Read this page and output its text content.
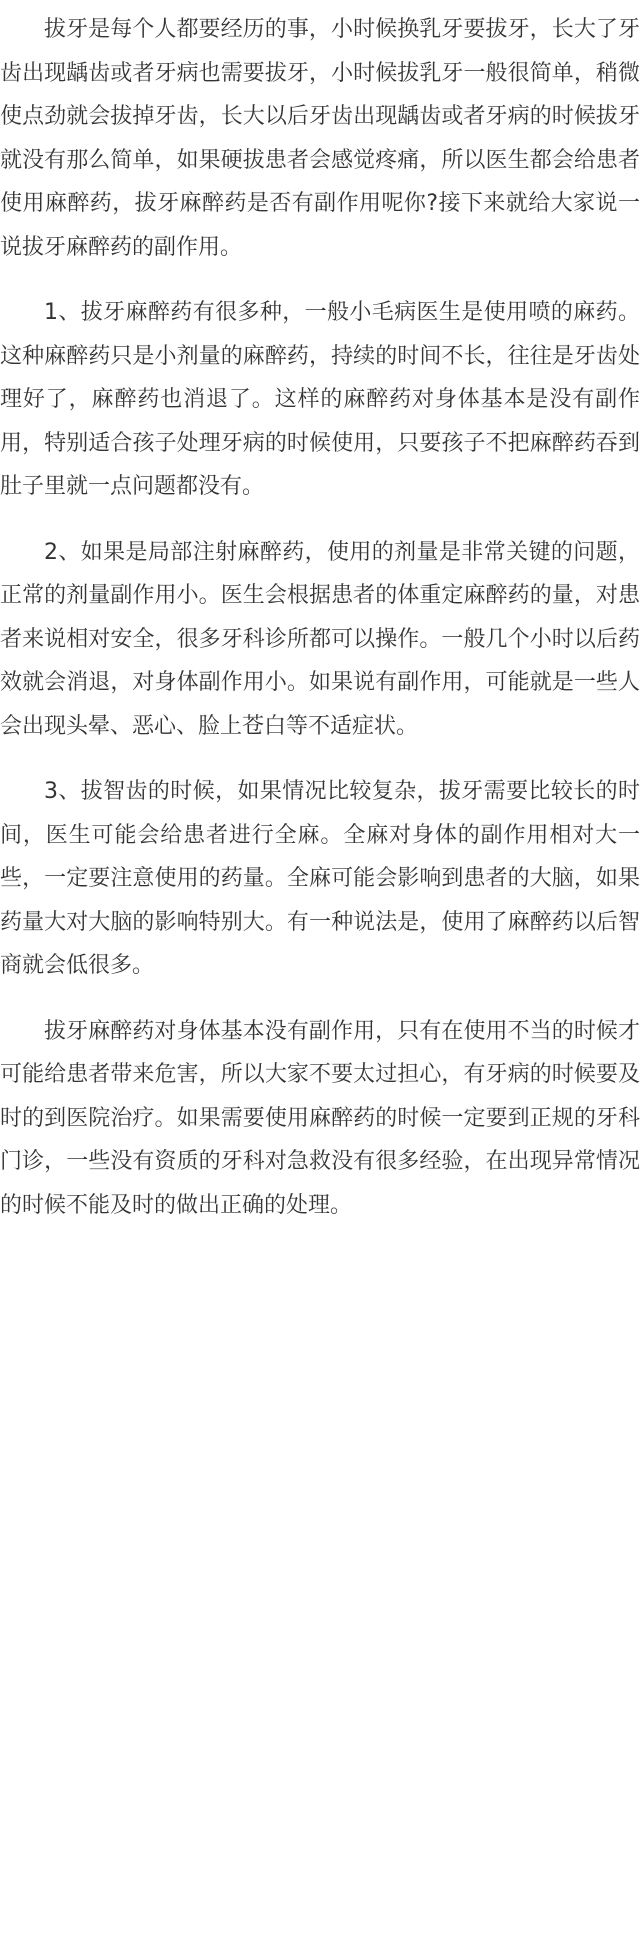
拔牙是每个人都要经历的事，小时候换乳牙要拔牙，长大了牙齿出现龋齿或者牙病也需要拔牙，小时候拔乳牙一般很简单，稍微使点劲就会拔掉牙齿，长大以后牙齿出现龋齿或者牙病的时候拔牙就没有那么简单，如果硬拔患者会感觉疼痛，所以医生都会给患者使用麻醉药，拔牙麻醉药是否有副作用呢你?接下来就给大家说一说拔牙麻醉药的副作用。

1、拔牙麻醉药有很多种，一般小毛病医生是使用喷的麻药。这种麻醉药只是小剂量的麻醉药，持续的时间不长，往往是牙齿处理好了，麻醉药也消退了。这样的麻醉药对身体基本是没有副作用，特别适合孩子处理牙病的时候使用，只要孩子不把麻醉药吞到肚子里就一点问题都没有。

2、如果是局部注射麻醉药，使用的剂量是非常关键的问题，正常的剂量副作用小。医生会根据患者的体重定麻醉药的量，对患者来说相对安全，很多牙科诊所都可以操作。一般几个小时以后药效就会消退，对身体副作用小。如果说有副作用，可能就是一些人会出现头晕、恶心、脸上苍白等不适症状。

3、拔智齿的时候，如果情况比较复杂，拔牙需要比较长的时间，医生可能会给患者进行全麻。全麻对身体的副作用相对大一些，一定要注意使用的药量。全麻可能会影响到患者的大脑，如果药量大对大脑的影响特别大。有一种说法是，使用了麻醉药以后智商就会低很多。

拔牙麻醉药对身体基本没有副作用，只有在使用不当的时候才可能给患者带来危害，所以大家不要太过担心，有牙病的时候要及时的到医院治疗。如果需要使用麻醉药的时候一定要到正规的牙科门诊，一些没有资质的牙科对急救没有很多经验，在出现异常情况的时候不能及时的做出正确的处理。
